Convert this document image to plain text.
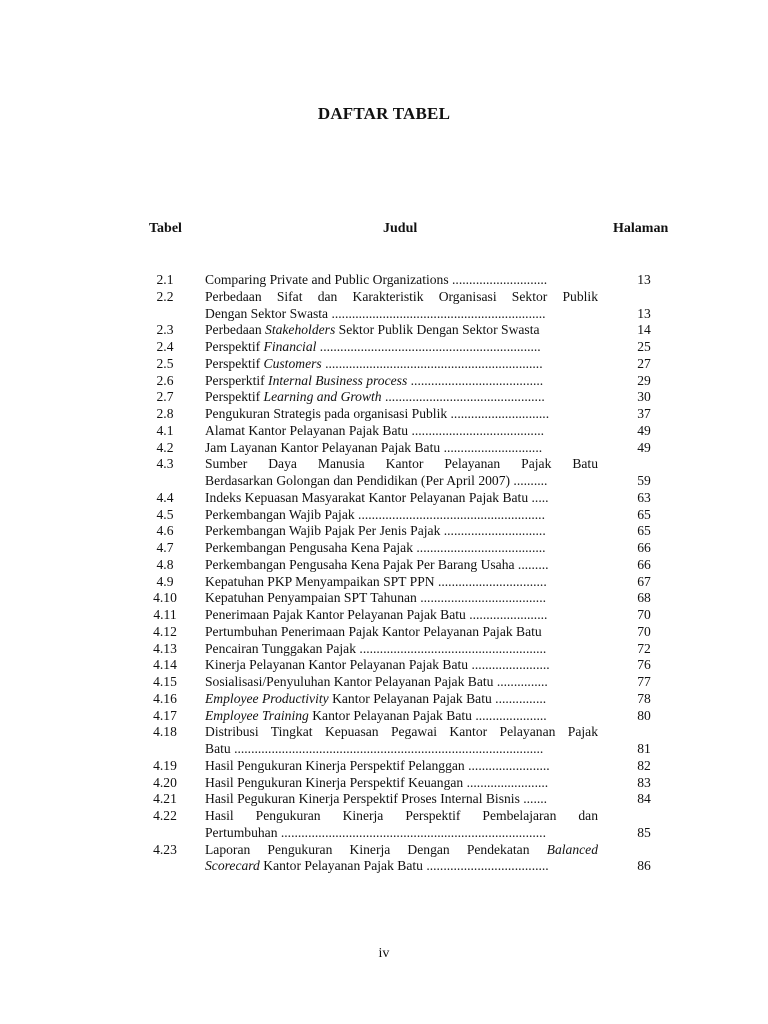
DAFTAR TABEL
Tabel	Judul	Halaman
2.1	Comparing Private and Public Organizations ............................	13
2.2	Perbedaan Sifat dan Karakteristik Organisasi Sektor Publik
Dengan Sektor Swasta ...............................................................	13
2.3	Perbedaan Stakeholders Sektor Publik Dengan Sektor Swasta	14
2.4	Perspektif Financial .................................................................	25
2.5	Perspektif Customers ................................................................	27
2.6	Persperktif Internal Business process .......................................	29
2.7	Perspektif Learning and Growth ...............................................	30
2.8	Pengukuran Strategis pada organisasi Publik .............................	37
4.1	Alamat Kantor Pelayanan Pajak Batu .......................................	49
4.2	Jam Layanan Kantor Pelayanan Pajak Batu .............................	49
4.3	Sumber Daya Manusia Kantor Pelayanan Pajak Batu
Berdasarkan Golongan dan Pendidikan (Per April 2007) ..........	59
4.4	Indeks Kepuasan Masyarakat Kantor Pelayanan Pajak Batu .....	63
4.5	Perkembangan Wajib Pajak .......................................................	65
4.6	Perkembangan Wajib Pajak Per Jenis Pajak ..............................	65
4.7	Perkembangan Pengusaha Kena Pajak ......................................	66
4.8	Perkembangan Pengusaha Kena Pajak Per Barang Usaha .........	66
4.9	Kepatuhan PKP Menyampaikan SPT PPN ................................	67
4.10	Kepatuhan Penyampaian SPT Tahunan .....................................	68
4.11	Penerimaan Pajak Kantor Pelayanan Pajak Batu .......................	70
4.12	Pertumbuhan Penerimaan Pajak Kantor Pelayanan Pajak Batu	70
4.13	Pencairan Tunggakan Pajak .......................................................	72
4.14	Kinerja Pelayanan Kantor Pelayanan Pajak Batu .......................	76
4.15	Sosialisasi/Penyuluhan Kantor Pelayanan Pajak Batu ...............	77
4.16	Employee Productivity Kantor Pelayanan Pajak Batu ...............	78
4.17	Employee Training Kantor Pelayanan Pajak Batu .....................	80
4.18	Distribusi Tingkat Kepuasan Pegawai Kantor Pelayanan Pajak
Batu ...........................................................................................	81
4.19	Hasil Pengukuran Kinerja Perspektif Pelanggan ........................	82
4.20	Hasil Pengukuran Kinerja Perspektif Keuangan ........................	83
4.21	Hasil Pegukuran Kinerja Perspektif Proses Internal Bisnis .......	84
4.22	Hasil Pengukuran Kinerja Perspektif Pembelajaran dan
Pertumbuhan ..............................................................................	85
4.23	Laporan Pengukuran Kinerja Dengan Pendekatan Balanced
Scorecard Kantor Pelayanan Pajak Batu ....................................	86
iv
